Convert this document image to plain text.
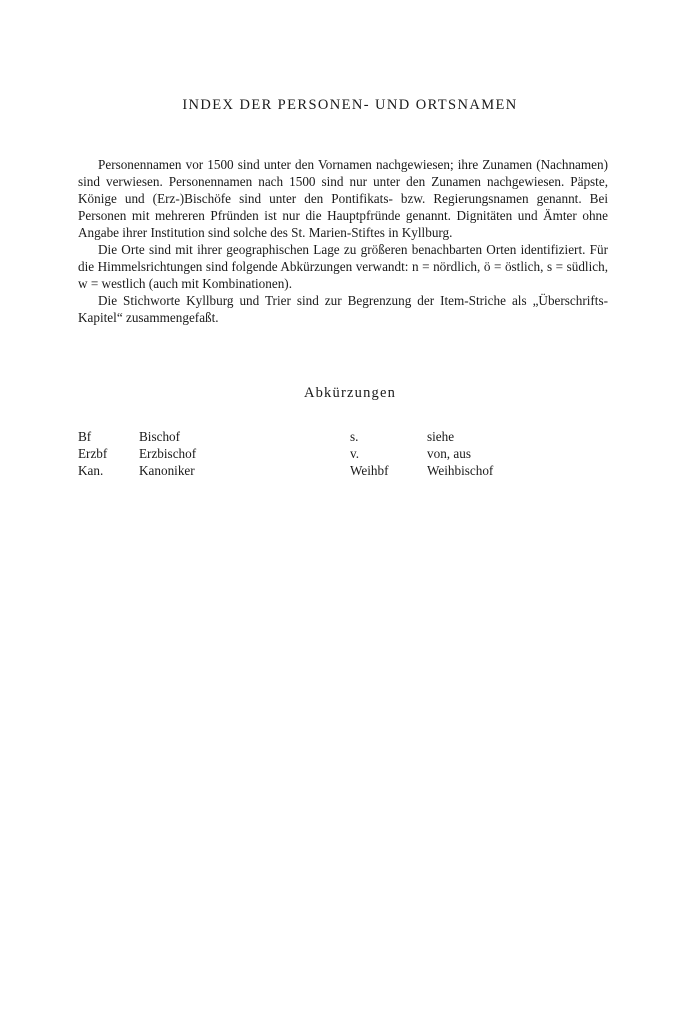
INDEX DER PERSONEN- UND ORTSNAMEN

Personennamen vor 1500 sind unter den Vornamen nachgewiesen; ihre Zunamen (Nachnamen) sind verwiesen. Personennamen nach 1500 sind nur unter den Zunamen nachgewiesen. Päpste, Könige und (Erz-)Bischöfe sind unter den Pontifikats- bzw. Regierungsnamen genannt. Bei Personen mit mehreren Pfründen ist nur die Hauptpfründe genannt. Dignitäten und Ämter ohne Angabe ihrer Institution sind solche des St. Marien-Stiftes in Kyllburg.

Die Orte sind mit ihrer geographischen Lage zu größeren benachbarten Orten identifiziert. Für die Himmelsrichtungen sind folgende Abkürzungen verwandt: n = nördlich, ö = östlich, s = südlich, w = westlich (auch mit Kombinationen).

Die Stichworte Kyllburg und Trier sind zur Begrenzung der Item-Striche als „Überschrifts-Kapitel“ zusammengefaßt.

Abkürzungen
Bf	Bischof	s.	siehe
Erzbf Erzbischof	v.	von, aus
Kan.	Kanoniker	Weihbf	Weihbischof
